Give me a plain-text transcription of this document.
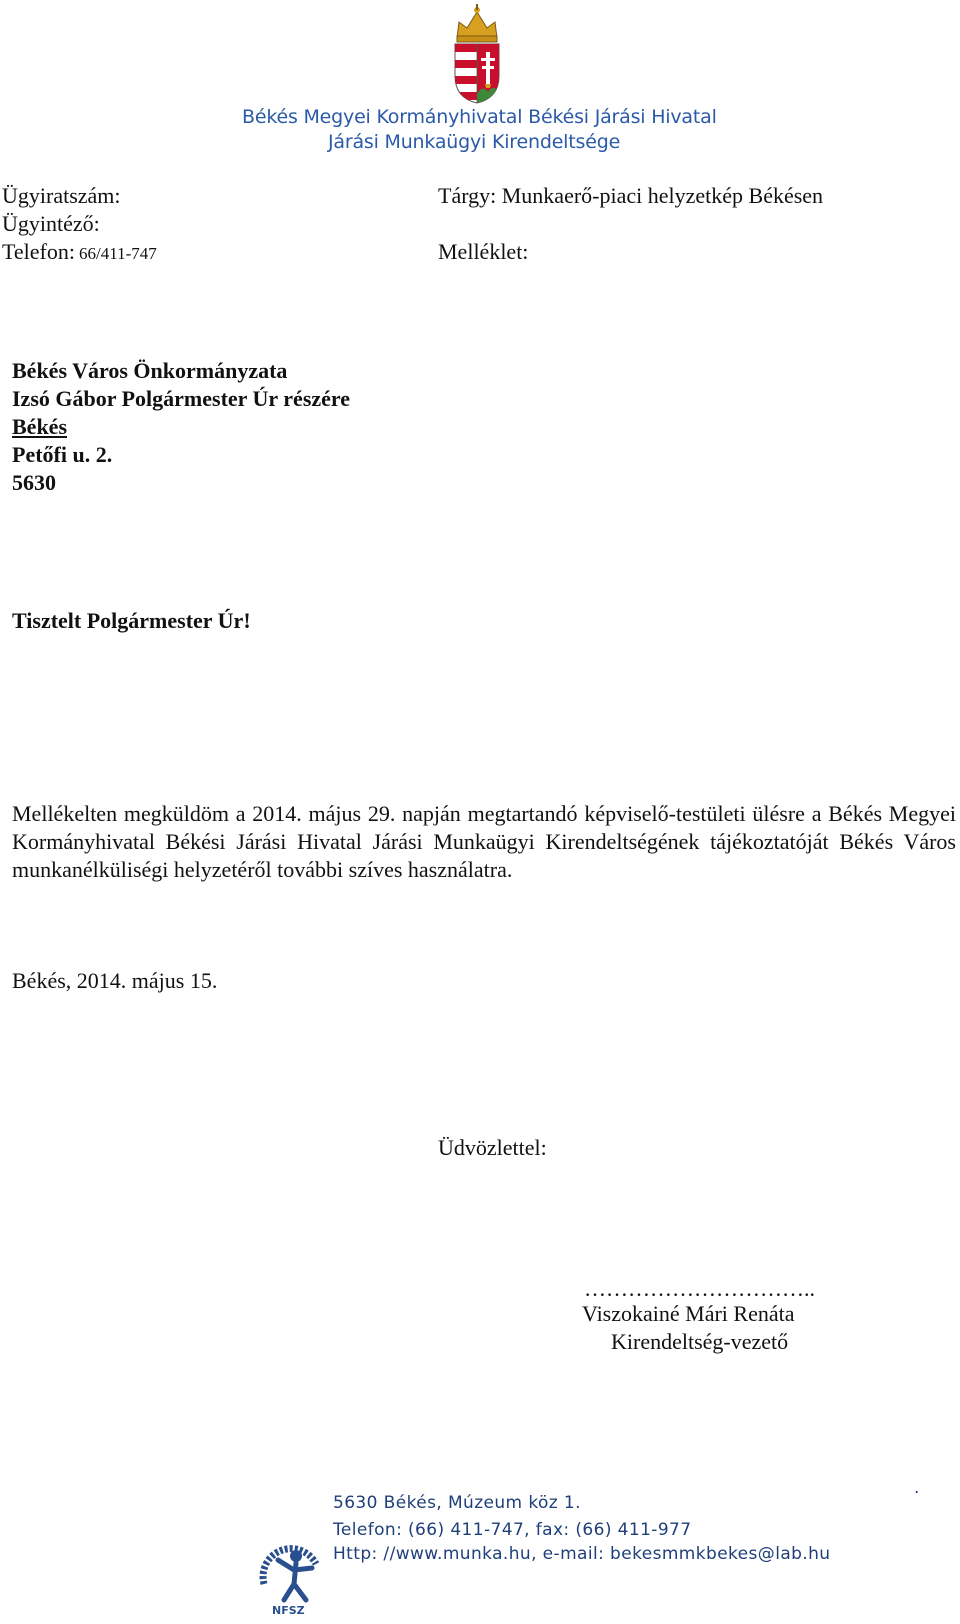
Békés Megyei Kormányhivatal Békési Járási Hivatal
Járási Munkaügyi Kirendeltsége
Ügyiratszám:
Ügyintéző:
Telefon: 66/411-747
Tárgy: Munkaerő-piaci helyzetkép Békésen
Melléklet:
Békés Város Önkormányzata
Izsó Gábor Polgármester Úr részére
Békés
Petőfi u. 2.
5630
Tisztelt Polgármester Úr!
Mellékelten megküldöm a 2014. május 29. napján megtartandó képviselő-testületi ülésre a Békés Megyei Kormányhivatal Békési Járási Hivatal Járási Munkaügyi Kirendeltségének tájékoztatóját Békés Város munkanélküliségi helyzetéről további szíves használatra.
Békés, 2014. május 15.
Üdvözlettel:
…………………………..
Viszokainé Mári Renáta
Kirendeltség-vezető
NFSZ
5630 Békés, Múzeum köz 1.
Telefon: (66) 411-747, fax: (66) 411-977
Http: //www.munka.hu, e-mail: bekesmmkbekes@lab.hu
.
